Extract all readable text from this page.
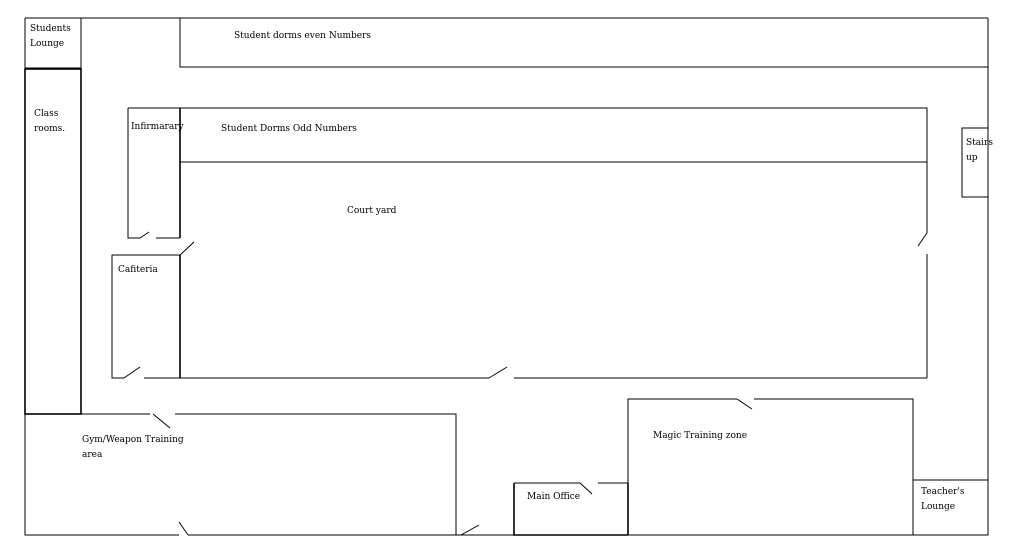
Students
Lounge

Student dorms even Numbers

Class
rooms.	Infirmarary	Student Dorms Odd Numbers

Stairs
up

Court yard

Cafiteria

Gym/Weapon Training
area

Magic Training zone

Main Office	Teacher's
Lounge
